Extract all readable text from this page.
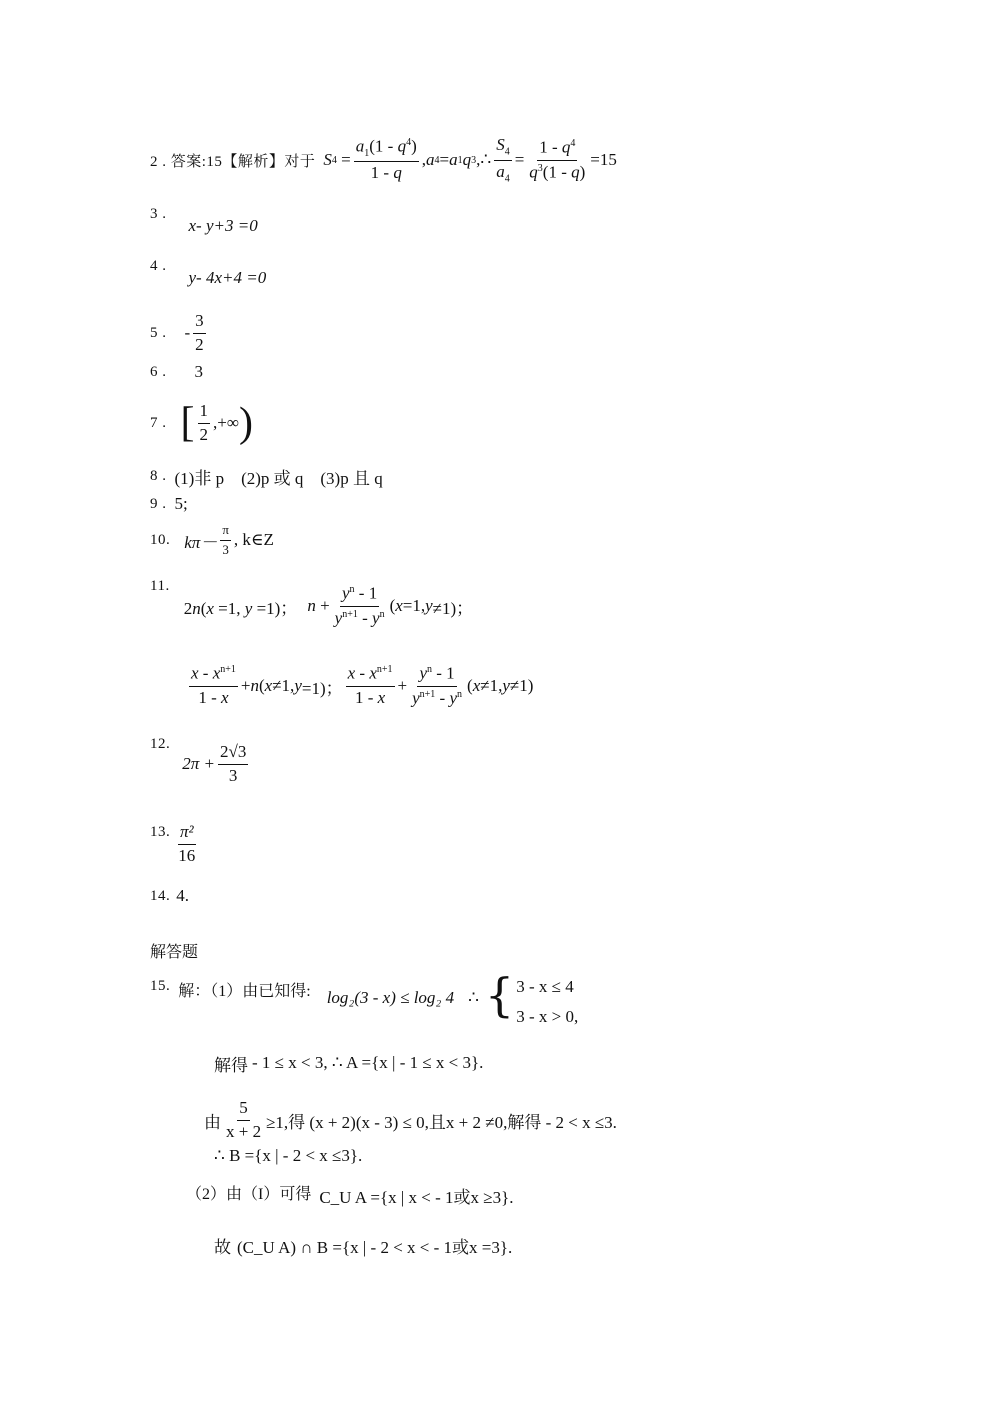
2 . 答案:15【解析】对于 S $4 = \frac{a_1(1 - q^4)}{1 - q}$ , a 4 = a 1 q 3 ,∴ $\frac{S_4}{a_4} = \frac{1 - q^4}{q^3(1 - q)} =15$
3 .
x- y+3 =0
4 .
y- 4x+4 =0
5 . - $\frac{3}{2}$
6 . 3
7 . [ $\frac{1}{2}$ ,+∞ )
8 . (1)非 p　(2)p 或 q　(3)p 且 q
9 . 5;
10. $k\pi- \frac{\pi}{3}$ , k∈Z
11.
2n(x =1, y =1)； $n + \frac{y^n - 1}{y^{n+1} - y^n}$ ( x =1, y ≠1)；
$\frac{x - x^{n+1}}{1 - x} + n$ ( x ≠1, y =1)； $\frac{x - x^{n+1}}{1 - x} + \frac{y^n - 1}{y^{n+1} - y^n}$ ( x ≠1, y ≠1)
12.
$2\pi + \frac{2√3}{3}$
13. $\frac{\text{π²}}{16}$
14. 4.
解答题
15. 解：（1）由已知得: log₂(3 - x) ≤ log₂ 4 ∴ { 3 - x ≤ 4
3 - x > 0,
解得 - 1 ≤ x < 3, ∴ A ={x | - 1 ≤ x < 3}.
由 $\frac{5}{x + 2} \ge 1$,得 (x + 2)(x - 3) ≤ 0,且x + 2 ≠0,解得 - 2 < x ≤3.
∴ B ={x | - 2 < x ≤3}.
（2）由（I）可得 C_U A ={x | x < - 1或x ≥3}.
故 (C_U A) ∩ B ={x | - 2 < x < - 1或x =3}.
